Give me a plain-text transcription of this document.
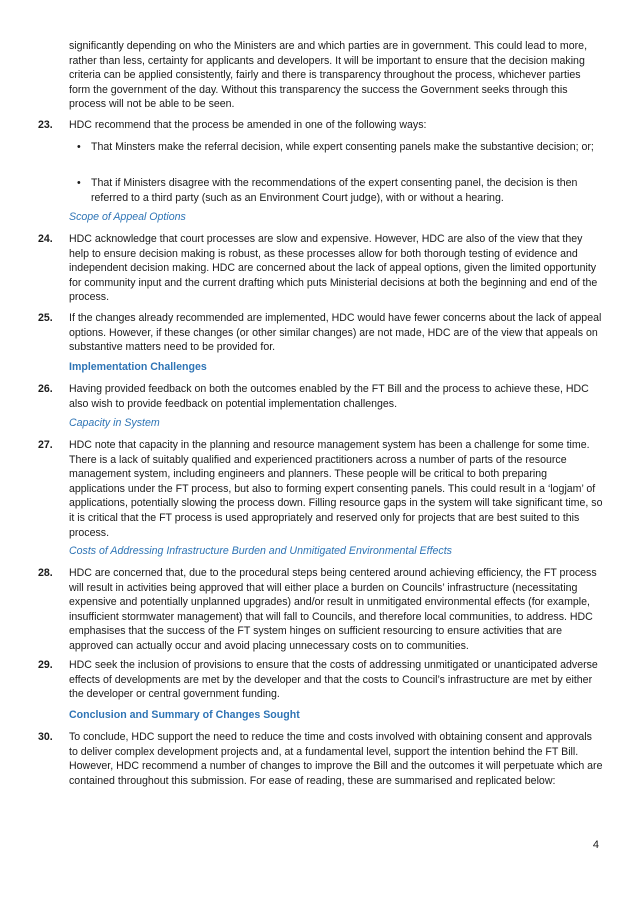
significantly depending on who the Ministers are and which parties are in government. This could lead to more, rather than less, certainty for applicants and developers. It will be important to ensure that the decision making criteria can be applied consistently, fairly and there is transparency throughout the process, whichever parties form the government of the day. Without this transparency the success the Government seeks through this process will not be able to be seen.

23.	HDC recommend that the process be amended in one of the following ways:

• That Minsters make the referral decision, while expert consenting panels make the substantive decision; or;

• That if Ministers disagree with the recommendations of the expert consenting panel, the decision is then referred to a third party (such as an Environment Court judge), with or without a hearing.

Scope of Appeal Options

24.	HDC acknowledge that court processes are slow and expensive. However, HDC are also of the view that they help to ensure decision making is robust, as these processes allow for both thorough testing of evidence and independent decision making. HDC are concerned about the lack of appeal options, given the limited opportunity for community input and the current drafting which puts Ministerial decisions at both the beginning and end of the process.

25.	If the changes already recommended are implemented, HDC would have fewer concerns about the lack of appeal options. However, if these changes (or other similar changes) are not made, HDC are of the view that appeals on substantive matters need to be provided for.

Implementation Challenges

26.	Having provided feedback on both the outcomes enabled by the FT Bill and the process to achieve these, HDC also wish to provide feedback on potential implementation challenges.

Capacity in System

27.	HDC note that capacity in the planning and resource management system has been a challenge for some time. There is a lack of suitably qualified and experienced practitioners across a number of parts of the resource management system, including engineers and planners. These people will be critical to both preparing applications under the FT process, but also to forming expert consenting panels. This could result in a ‘logjam’ of applications, potentially slowing the process down. Filling resource gaps in the system will take significant time, so it is critical that the FT process is used appropriately and reserved only for projects that are best suited to this process.

Costs of Addressing Infrastructure Burden and Unmitigated Environmental Effects

28.	HDC are concerned that, due to the procedural steps being centered around achieving efficiency, the FT process will result in activities being approved that will either place a burden on Councils’ infrastructure (necessitating expensive and potentially unplanned upgrades) and/or result in unmitigated environmental effects (for example, insufficient stormwater management) that will fall to Councils, and therefore local communities, to address. HDC emphasises that the success of the FT system hinges on sufficient resourcing to ensure activities that are approved can actually occur and avoid placing unnecessary costs on to communities.

29.	HDC seek the inclusion of provisions to ensure that the costs of addressing unmitigated or unanticipated adverse effects of developments are met by the developer and that the costs to Council’s infrastructure are met by either the developer or central government funding.

Conclusion and Summary of Changes Sought

30.	To conclude, HDC support the need to reduce the time and costs involved with obtaining consent and approvals to deliver complex development projects and, at a fundamental level, support the intention behind the FT Bill. However, HDC recommend a number of changes to improve the Bill and the outcomes it will perpetuate which are contained throughout this submission. For ease of reading, these are summarised and replicated below:

4
